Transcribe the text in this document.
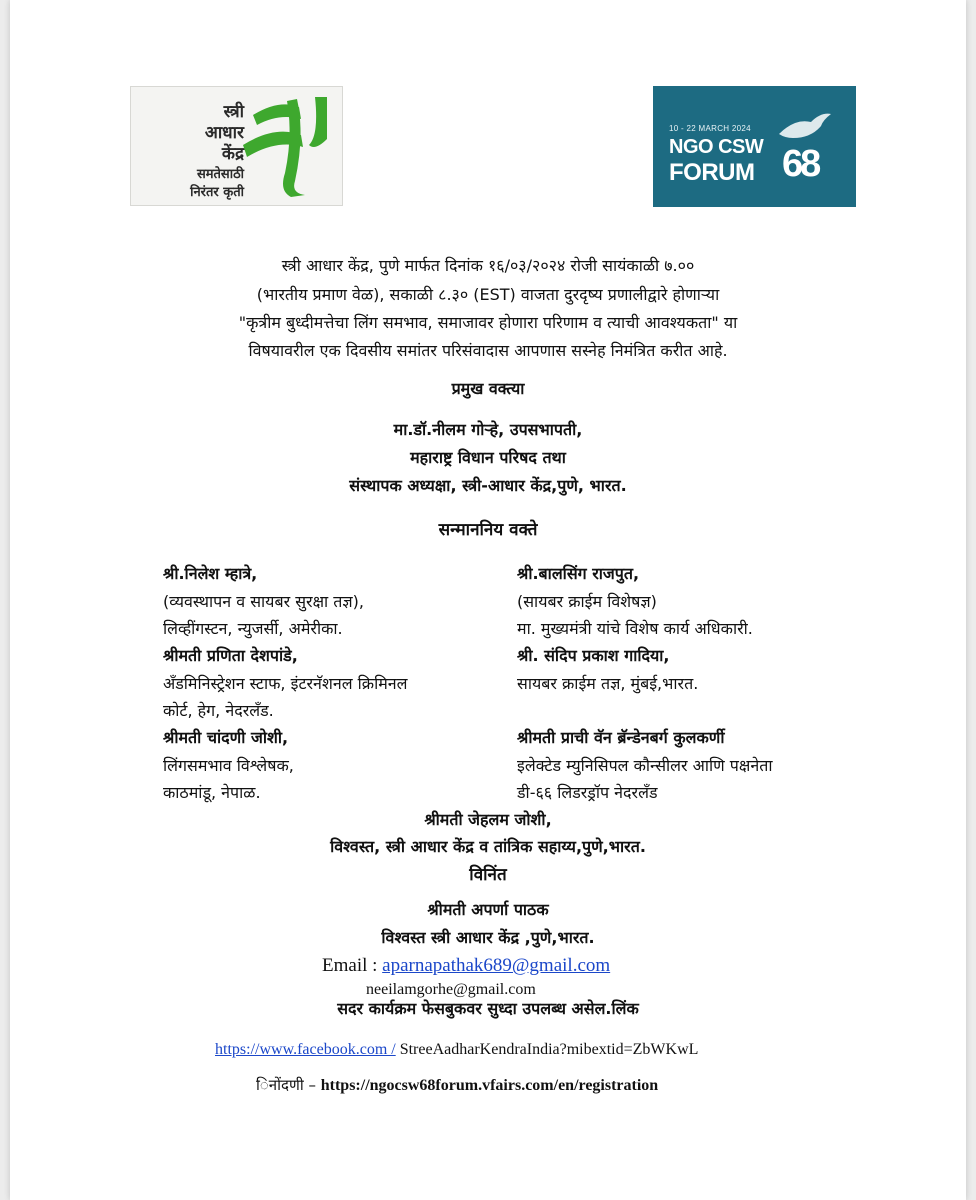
स्त्री
आधार
केंद्र
समतेसाठी
निरंतर कृती
10 - 22 MARCH 2024
NGO CSW
FORUM 68
स्त्री आधार केंद्र, पुणे मार्फत दिनांक १६/०३/२०२४ रोजी सायंकाळी ७.००
(भारतीय प्रमाण वेळ), सकाळी ८.३० (EST) वाजता दुरदृष्य प्रणालीद्वारे होणाऱ्या
"कृत्रीम बुध्दीमत्तेचा लिंग समभाव, समाजावर होणारा परिणाम व त्याची आवश्यकता" या
विषयावरील एक दिवसीय समांतर परिसंवादास आपणास सस्नेह निमंत्रित करीत आहे.
प्रमुख वक्त्या
मा.डॉ.नीलम गोऱ्हे, उपसभापती,
महाराष्ट्र विधान परिषद तथा
संस्थापक अध्यक्षा, स्त्री-आधार केंद्र,पुणे, भारत.
सन्माननिय वक्ते
श्री.निलेश म्हात्रे,
(व्यवस्थापन व सायबर सुरक्षा तज्ञ),
लिव्हींगस्टन, न्युजर्सी, अमेरीका.
श्रीमती प्रणिता देशपांडे,
अँडमिनिस्ट्रेशन स्टाफ, इंटरनॅशनल क्रिमिनल
कोर्ट, हेग, नेदरलँड.
श्रीमती चांदणी जोशी,
लिंगसमभाव विश्लेषक,
काठमांडू, नेपाळ.
श्री.बालसिंग राजपुत,
(सायबर क्राईम विशेषज्ञ)
मा. मुख्यमंत्री यांचे विशेष कार्य अधिकारी.
श्री. संदिप प्रकाश गादिया,
सायबर क्राईम तज्ञ, मुंबई,भारत.
श्रीमती प्राची वॅन ब्रॅन्डेनबर्ग कुलकर्णी
इलेक्टेड म्युनिसिपल कौन्सीलर आणि पक्षनेता
डी-६६ लिडरड्रॉप नेदरलँड
श्रीमती जेहलम जोशी,
विश्वस्त, स्त्री आधार केंद्र व तांत्रिक सहाय्य,पुणे,भारत.
विनिंत
श्रीमती अपर्णा पाठक
विश्वस्त स्त्री आधार केंद्र ,पुणे,भारत.
Email : aparnapathak689@gmail.com
neeilamgorhe@gmail.com
सदर कार्यक्रम फेसबुकवर सुध्दा उपलब्ध असेल.लिंक
https://www.facebook.com / StreeAadharKendraIndia?mibextid=ZbWKwL
िनोंदणी – https://ngocsw68forum.vfairs.com/en/registration
